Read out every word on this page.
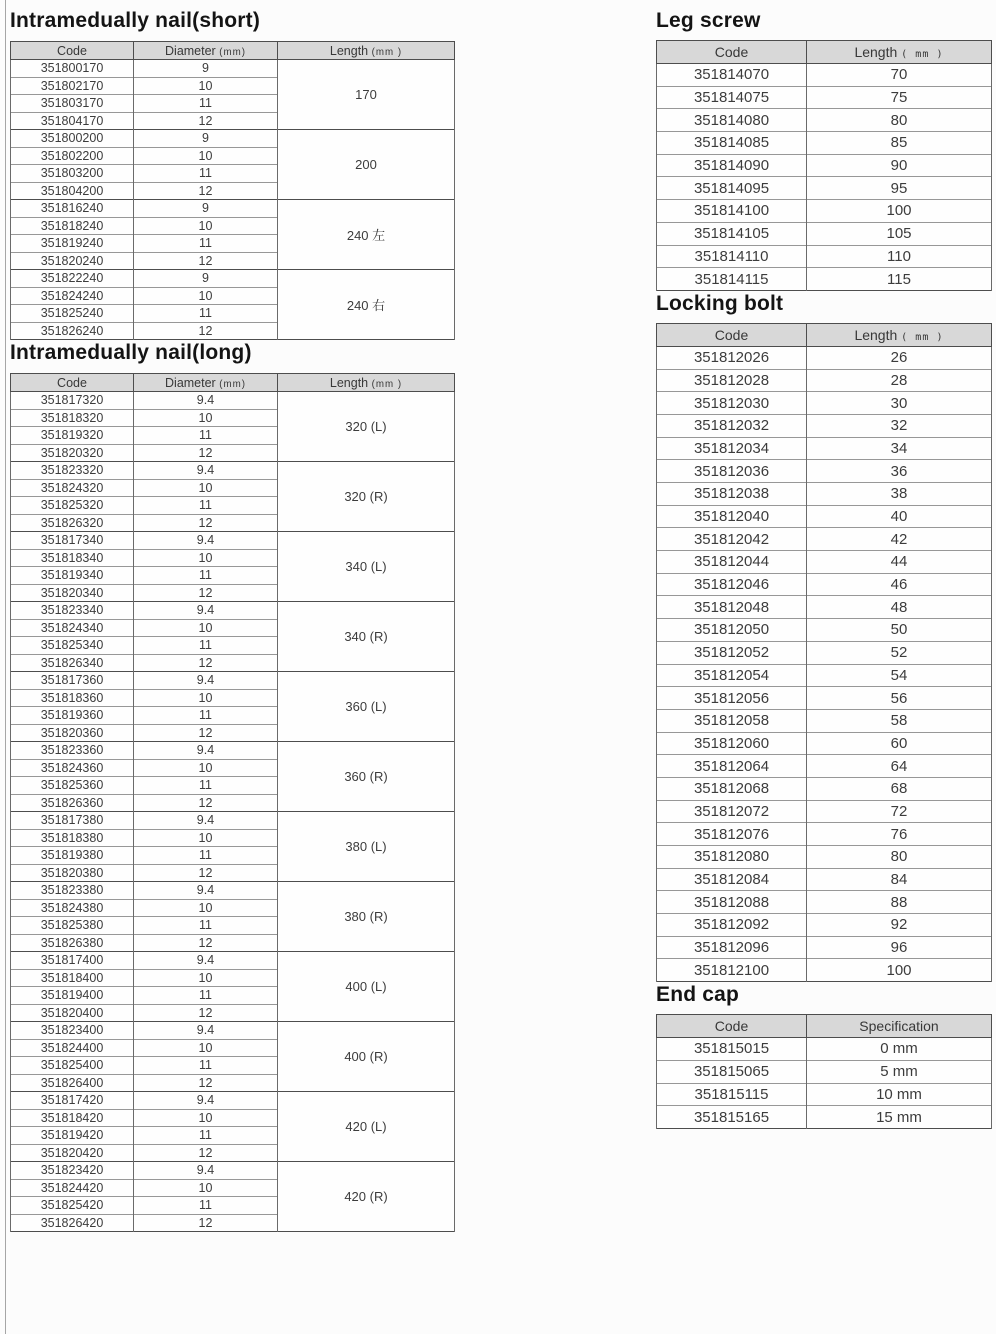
Intramedually nail(short)
Code	Diameter (mm)	Length (mm )
351800170	9	170
351802170	10	
351803170	11	
351804170	12	
351800200	9	200
351802200	10	
351803200	11	
351804200	12	
351816240	9	240 左
351818240	10	
351819240	11	
351820240	12	
351822240	9	240 右
351824240	10	
351825240	11	
351826240	12	
Intramedually nail(long)
Code	Diameter (mm)	Length (mm )
351817320	9.4	320 (L)
351818320	10	
351819320	11	
351820320	12	
351823320	9.4	320 (R)
351824320	10	
351825320	11	
351826320	12	
351817340	9.4	340 (L)
351818340	10	
351819340	11	
351820340	12	
351823340	9.4	340 (R)
351824340	10	
351825340	11	
351826340	12	
351817360	9.4	360 (L)
351818360	10	
351819360	11	
351820360	12	
351823360	9.4	360 (R)
351824360	10	
351825360	11	
351826360	12	
351817380	9.4	380 (L)
351818380	10	
351819380	11	
351820380	12	
351823380	9.4	380 (R)
351824380	10	
351825380	11	
351826380	12	
351817400	9.4	400 (L)
351818400	10	
351819400	11	
351820400	12	
351823400	9.4	400 (R)
351824400	10	
351825400	11	
351826400	12	
351817420	9.4	420 (L)
351818420	10	
351819420	11	
351820420	12	
351823420	9.4	420 (R)
351824420	10	
351825420	11	
351826420	12	
Leg screw
Code	Length ( mm )
351814070	70
351814075	75
351814080	80
351814085	85
351814090	90
351814095	95
351814100	100
351814105	105
351814110	110
351814115	115
Locking bolt
Code	Length ( mm )
351812026	26
351812028	28
351812030	30
351812032	32
351812034	34
351812036	36
351812038	38
351812040	40
351812042	42
351812044	44
351812046	46
351812048	48
351812050	50
351812052	52
351812054	54
351812056	56
351812058	58
351812060	60
351812064	64
351812068	68
351812072	72
351812076	76
351812080	80
351812084	84
351812088	88
351812092	92
351812096	96
351812100	100
End cap
Code	Specification
351815015	0 mm
351815065	5 mm
351815115	10 mm
351815165	15 mm
